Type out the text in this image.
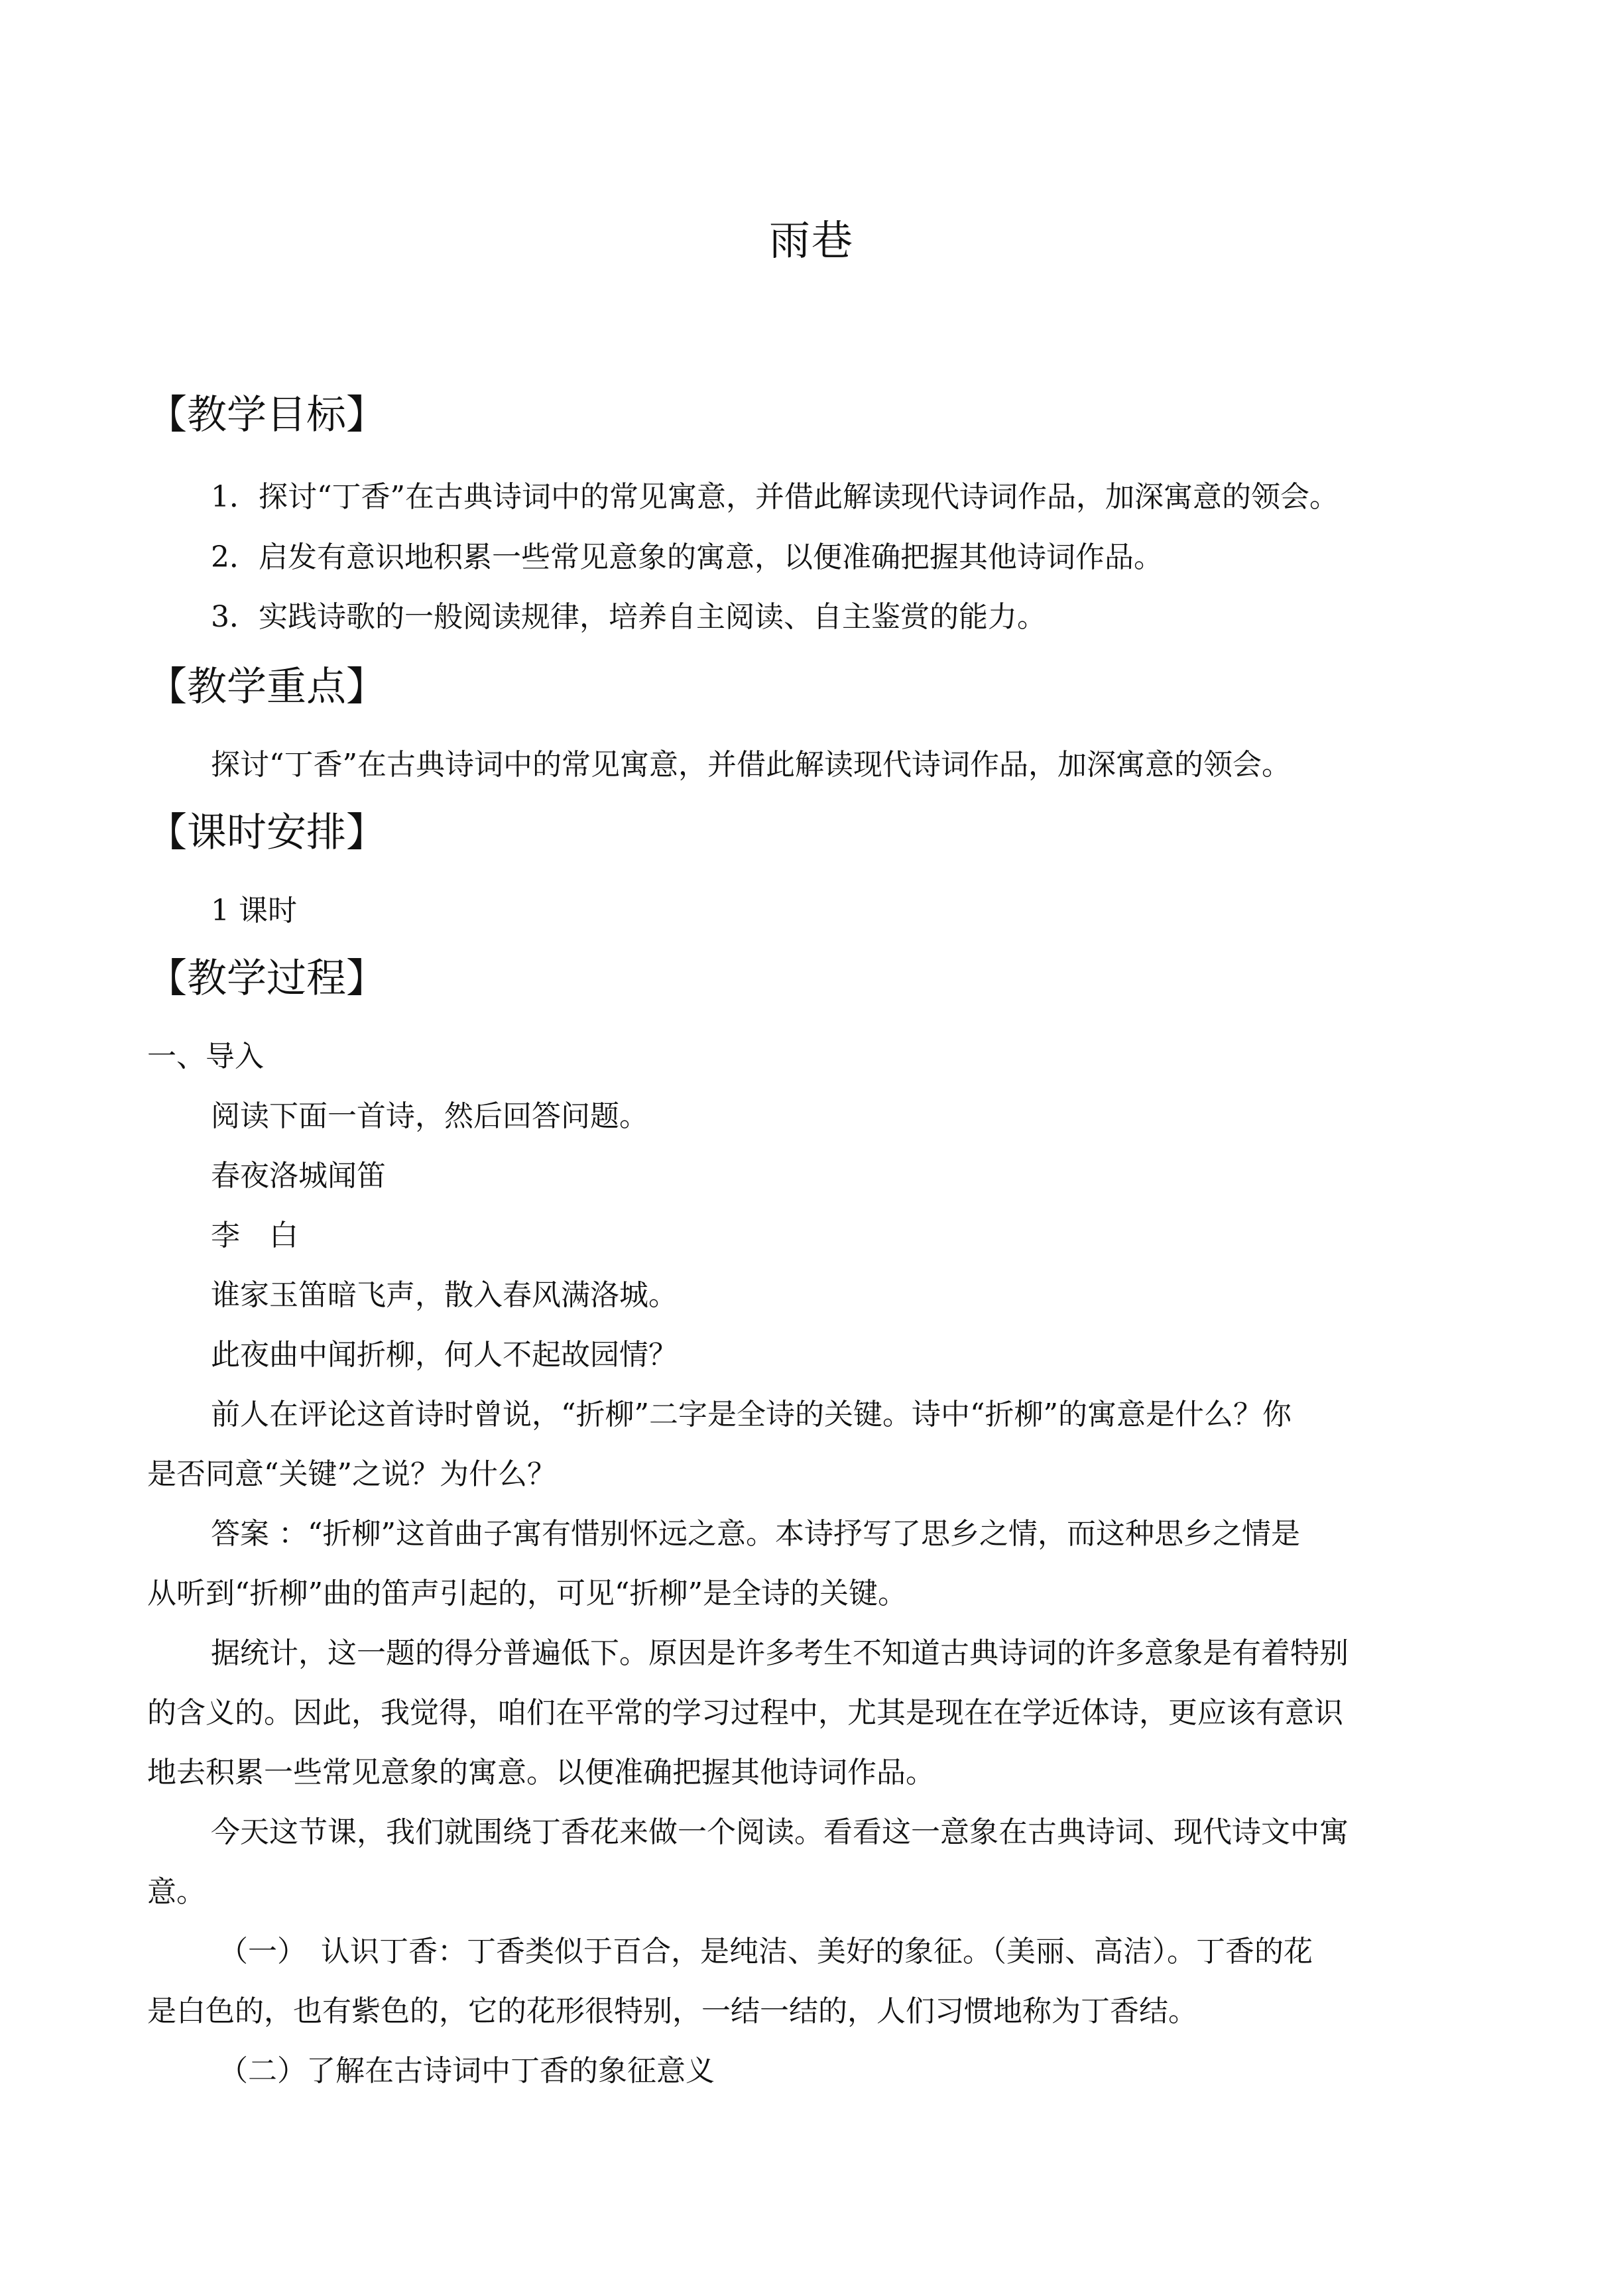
雨巷
【教学目标】
1．探讨“丁香”在古典诗词中的常见寓意，并借此解读现代诗词作品，加深寓意的领会。
2．启发有意识地积累一些常见意象的寓意，以便准确把握其他诗词作品。
3．实践诗歌的一般阅读规律，培养自主阅读、自主鉴赏的能力。
【教学重点】
探讨“丁香”在古典诗词中的常见寓意，并借此解读现代诗词作品，加深寓意的领会。
【课时安排】
1 课时
【教学过程】
一、导入
阅读下面一首诗，然后回答问题。
春夜洛城闻笛
李　白
谁家玉笛暗飞声，散入春风满洛城。
此夜曲中闻折柳，何人不起故园情？
前人在评论这首诗时曾说，“折柳”二字是全诗的关键。诗中“折柳”的寓意是什么？你
是否同意“关键”之说？为什么？
答案 ：“折柳”这首曲子寓有惜别怀远之意。本诗抒写了思乡之情，而这种思乡之情是
从听到“折柳”曲的笛声引起的，可见“折柳”是全诗的关键。
据统计，这一题的得分普遍低下。原因是许多考生不知道古典诗词的许多意象是有着特别
的含义的。因此，我觉得，咱们在平常的学习过程中，尤其是现在在学近体诗，更应该有意识
地去积累一些常见意象的寓意。以便准确把握其他诗词作品。
今天这节课，我们就围绕丁香花来做一个阅读。看看这一意象在古典诗词、现代诗文中寓
意。
（一）　认识丁香：丁香类似于百合，是纯洁、美好的象征。（美丽、高洁）。丁香的花
是白色的，也有紫色的，它的花形很特别，一结一结的，人们习惯地称为丁香结。
（二）了解在古诗词中丁香的象征意义
